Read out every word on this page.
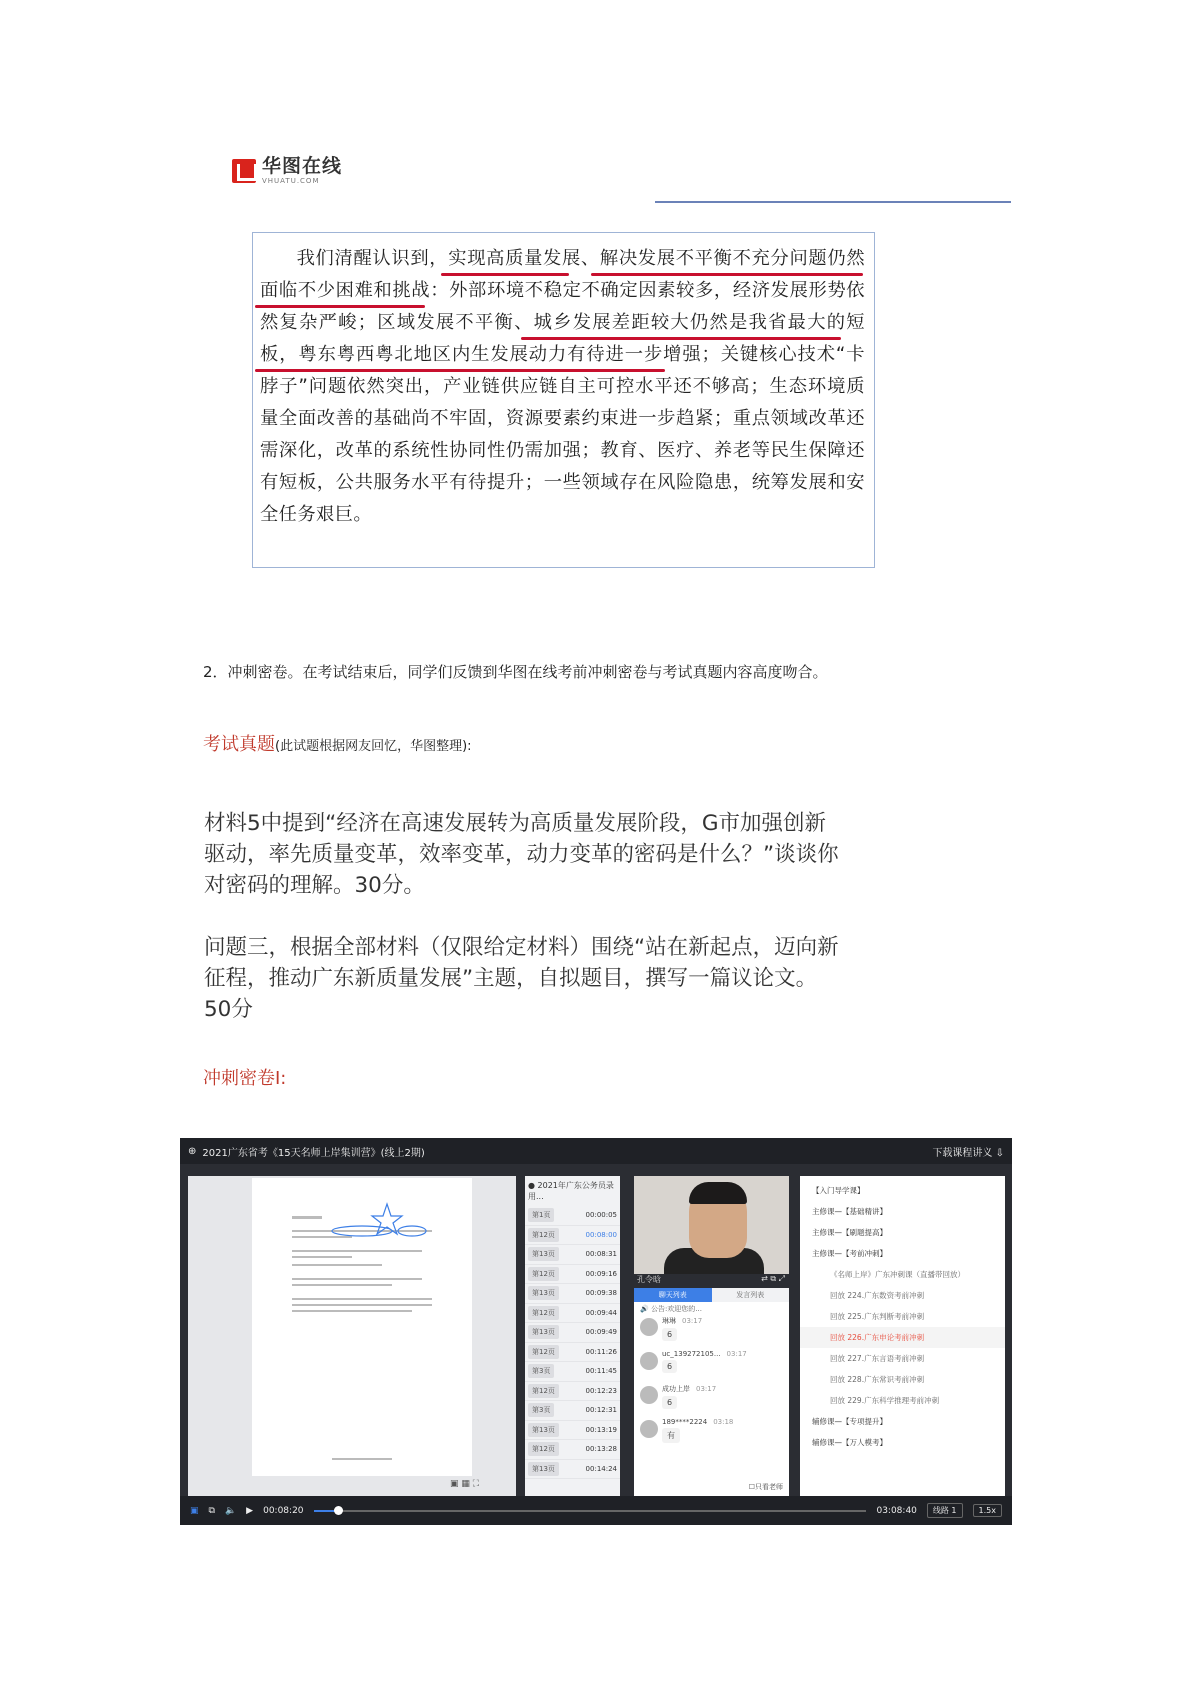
华图在线
VHUATU.COM
我们清醒认识到，实现高质量发展、解决发展不平衡不充分问题仍然面临不少困难和挑战：外部环境不稳定不确定因素较多，经济发展形势依然复杂严峻；区域发展不平衡、城乡发展差距较大仍然是我省最大的短板，粤东粤西粤北地区内生发展动力有待进一步增强；关键核心技术“卡脖子”问题依然突出，产业链供应链自主可控水平还不够高；生态环境质量全面改善的基础尚不牢固，资源要素约束进一步趋紧；重点领域改革还需深化，改革的系统性协同性仍需加强；教育、医疗、养老等民生保障还有短板，公共服务水平有待提升；一些领域存在风险隐患，统筹发展和安全任务艰巨。
2．冲刺密卷。在考试结束后，同学们反馈到华图在线考前冲刺密卷与考试真题内容高度吻合。
考试真题(此试题根据网友回忆，华图整理):

材料5中提到“经济在高速发展转为高质量发展阶段，G市加强创新驱动，率先质量变革，效率变革，动力变革的密码是什么？”谈谈你对密码的理解。30分。

问题三，根据全部材料（仅限给定材料）围绕“站在新起点，迈向新征程，推动广东新质量发展”主题，自拟题目，撰写一篇议论文。50分

冲刺密卷Ⅰ:
⊕ 2021广东省考《15天名师上岸集训营》(线上2期)	下载课程讲义 ⇩
▣ ▦ ⛶
● 2021年广东公务员录用...
第1页	00:00:05
第12页	00:08:00
第13页	00:08:31
第12页	00:09:16
第13页	00:09:38
第12页	00:09:44
第13页	00:09:49
第12页	00:11:26
第3页	00:11:45
第12页	00:12:23
第3页	00:12:31
第13页	00:13:19
第12页	00:13:28
第13页	00:14:24
孔令晗	⇄ ⧉ ⤢
聊天列表	发言列表
🔊 公告:欢迎您的...
琳琳 03:17
6
uc_139272105... 03:17
6
成功上岸 03:17
6
189****2224 03:18
有
☐只看老师
【入门导学课】
主修课—【基础精讲】
主修课—【刷题提高】
主修课—【考前冲刺】
《名师上岸》广东冲刺课（直播带回放）
回放 224.广东数资考前冲刺
回放 225.广东判断考前冲刺
回放 226.广东申论考前冲刺
回放 227.广东言语考前冲刺
回放 228.广东常识考前冲刺
回放 229.广东科学推理考前冲刺
辅修课—【专项提升】
辅修课—【万人模考】
▣ ⧉ 🔈 ▶ 00:08:20	03:08:40	线路 1	1.5x
